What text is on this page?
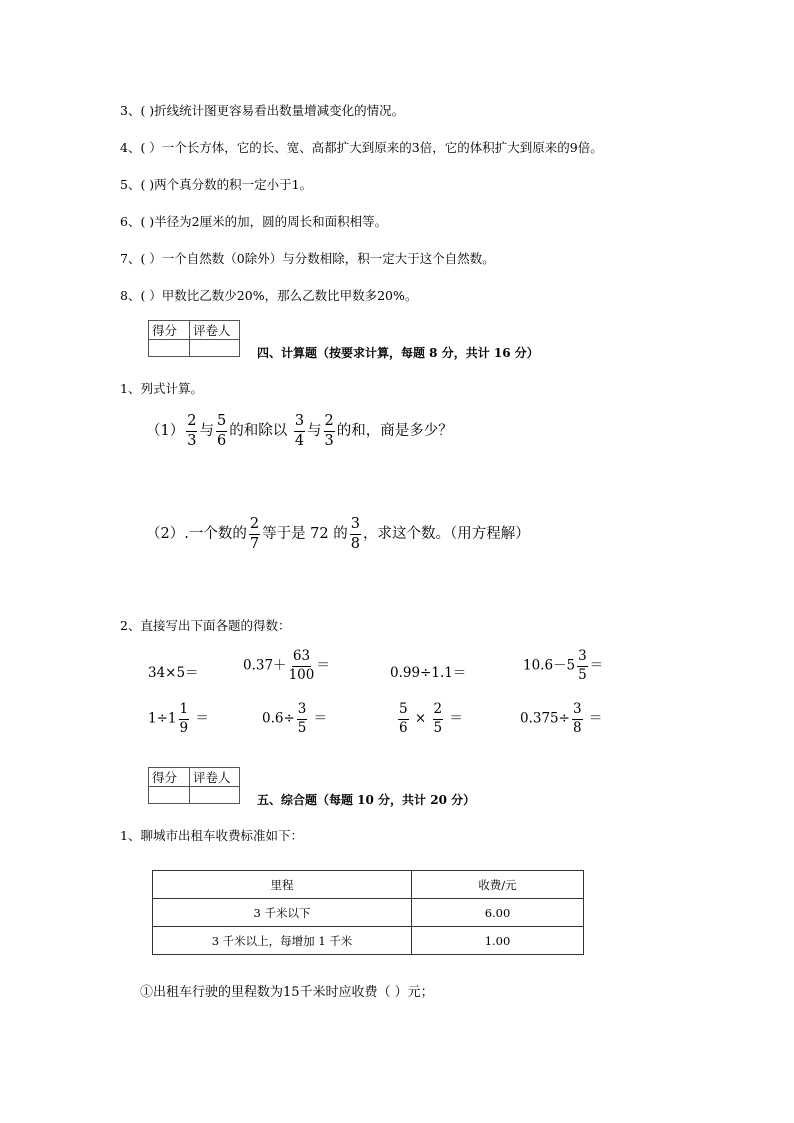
3、( )折线统计图更容易看出数量增减变化的情况。
4、( ）一个长方体，它的长、宽、高都扩大到原来的3倍，它的体积扩大到原来的9倍。
5、( )两个真分数的积一定小于1。
6、( )半径为2厘米的加，圆的周长和面积相等。
7、( ）一个自然数（0除外）与分数相除，积一定大于这个自然数。
8、( ）甲数比乙数少20%，那么乙数比甲数多20%。
得分	评卷人

四、计算题（按要求计算，每题 8 分，共计 16 分）
1、列式计算。
$(1) \frac{2}{3}$ 与 $\frac{5}{6}$ 的和除以 $\frac{3}{4}$ 与 $\frac{2}{3}$ 的和，商是多少？
（2）.一个数的 $\frac{2}{7}$ 等于是 72 的 $\frac{3}{8}$ ，求这个数。（用方程解）
2、直接写出下面各题的得数：
34×5＝	$0.37+ \frac{63}{100}$ ＝	0.99÷1.1＝	$10.6-5 \frac{3}{5}$ ＝
$1\div 1 \frac{1}{9}$ ＝	$0.6\div \frac{3}{5}$ ＝	$\frac{5}{6} \times \frac{2}{5}$ ＝	$0.375\div \frac{3}{8}$ ＝
得分	评卷人

五、综合题（每题 10 分，共计 20 分）
1、聊城市出租车收费标准如下：
里程	收费/元
3 千米以下	6.00
3 千米以上，每增加 1 千米	1.00
①出租车行驶的里程数为15千米时应收费（ ）元；
